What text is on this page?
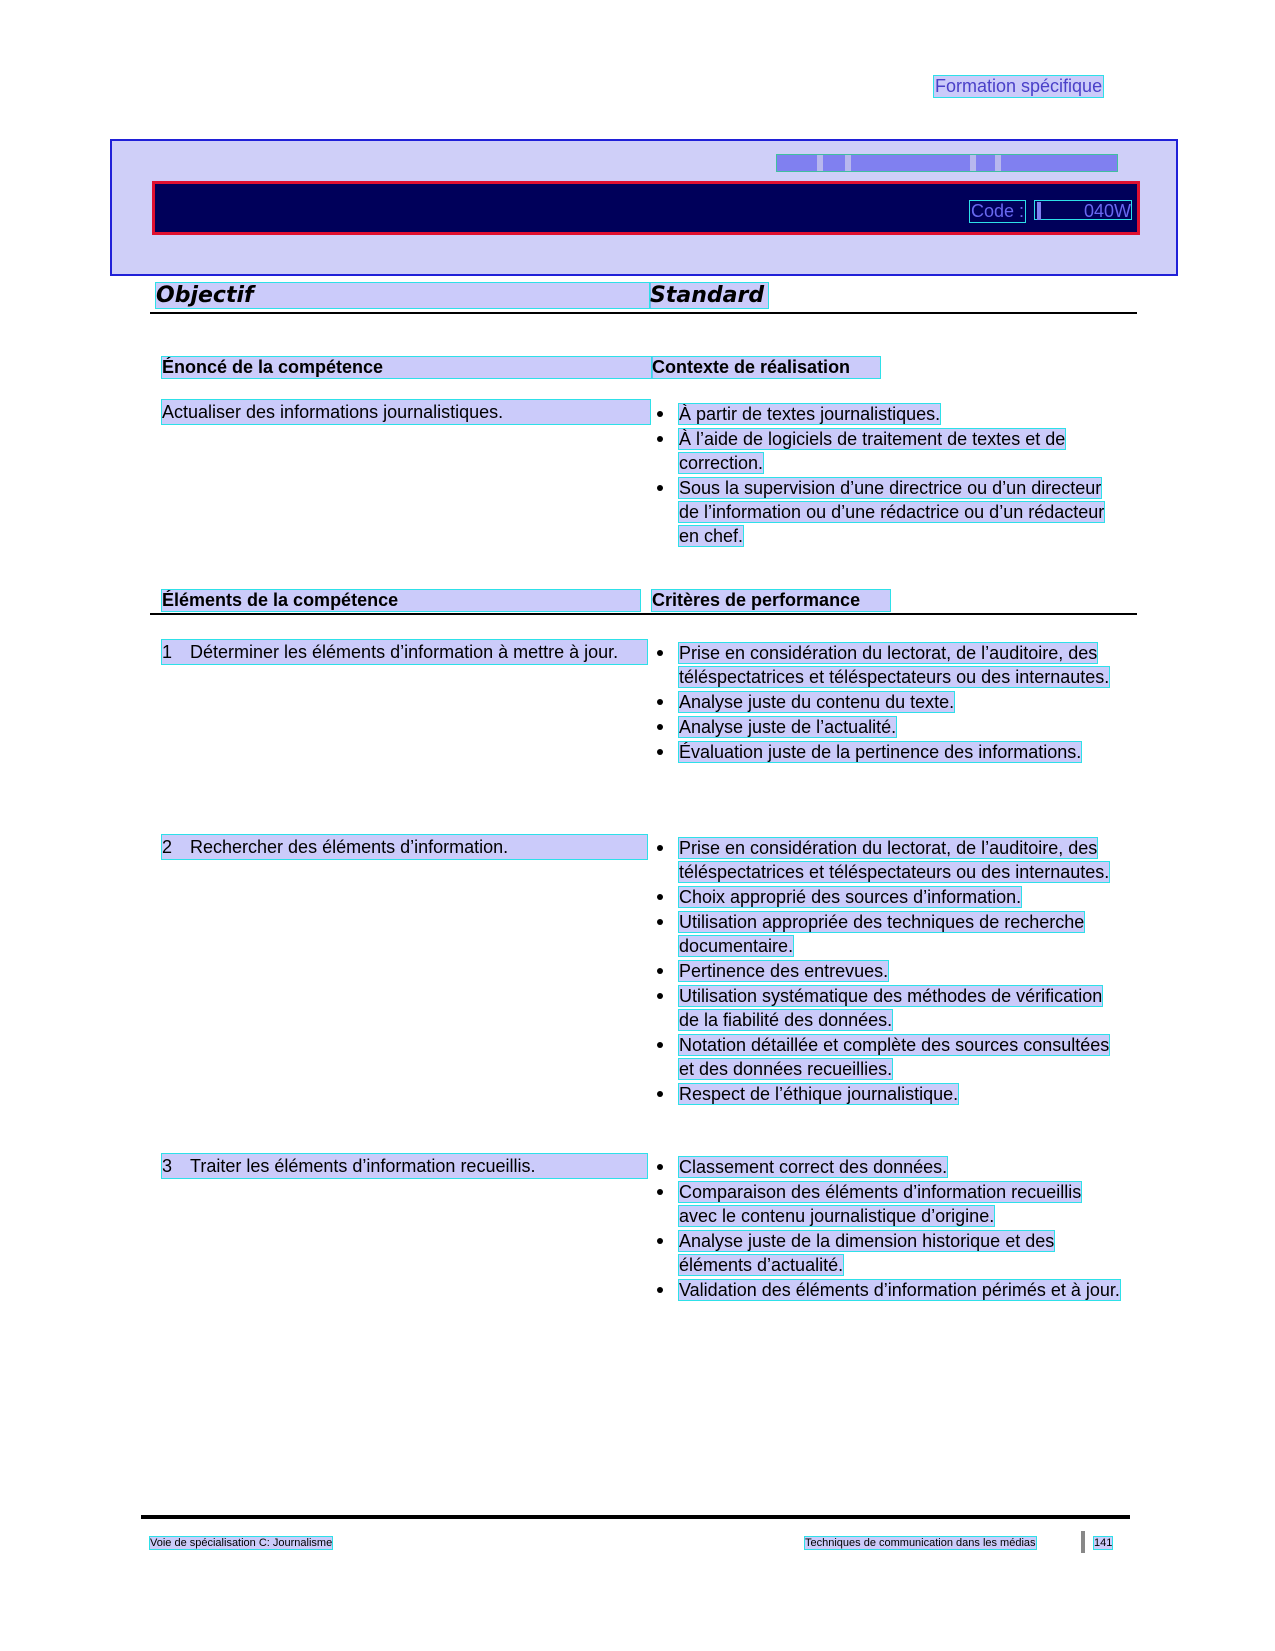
Formation spécifique
Code :	040W
Objectif	Standard
Énoncé de la compétence	Contexte de réalisation
Actualiser des informations journalistiques.	À partir de textes journalistiques.
À l’aide de logiciels de traitement de textes et de correction.
Sous la supervision d’une directrice ou d’un directeur de l’information ou d’une rédactrice ou d’un rédacteur en chef.
Éléments de la compétence	Critères de performance
1 Déterminer les éléments d’information à mettre à jour.	Prise en considération du lectorat, de l’auditoire, des téléspectatrices et téléspectateurs ou des internautes.
Analyse juste du contenu du texte.
Analyse juste de l’actualité.
Évaluation juste de la pertinence des informations.
2 Rechercher des éléments d’information.	Prise en considération du lectorat, de l’auditoire, des téléspectatrices et téléspectateurs ou des internautes.
Choix approprié des sources d’information.
Utilisation appropriée des techniques de recherche documentaire.
Pertinence des entrevues.
Utilisation systématique des méthodes de vérification de la fiabilité des données.
Notation détaillée et complète des sources consultées et des données recueillies.
Respect de l’éthique journalistique.
3 Traiter les éléments d’information recueillis.	Classement correct des données.
Comparaison des éléments d’information recueillis avec le contenu journalistique d’origine.
Analyse juste de la dimension historique et des éléments d’actualité.
Validation des éléments d’information périmés et à jour.
Voie de spécialisation C: Journalisme	Techniques de communication dans les médias	141
